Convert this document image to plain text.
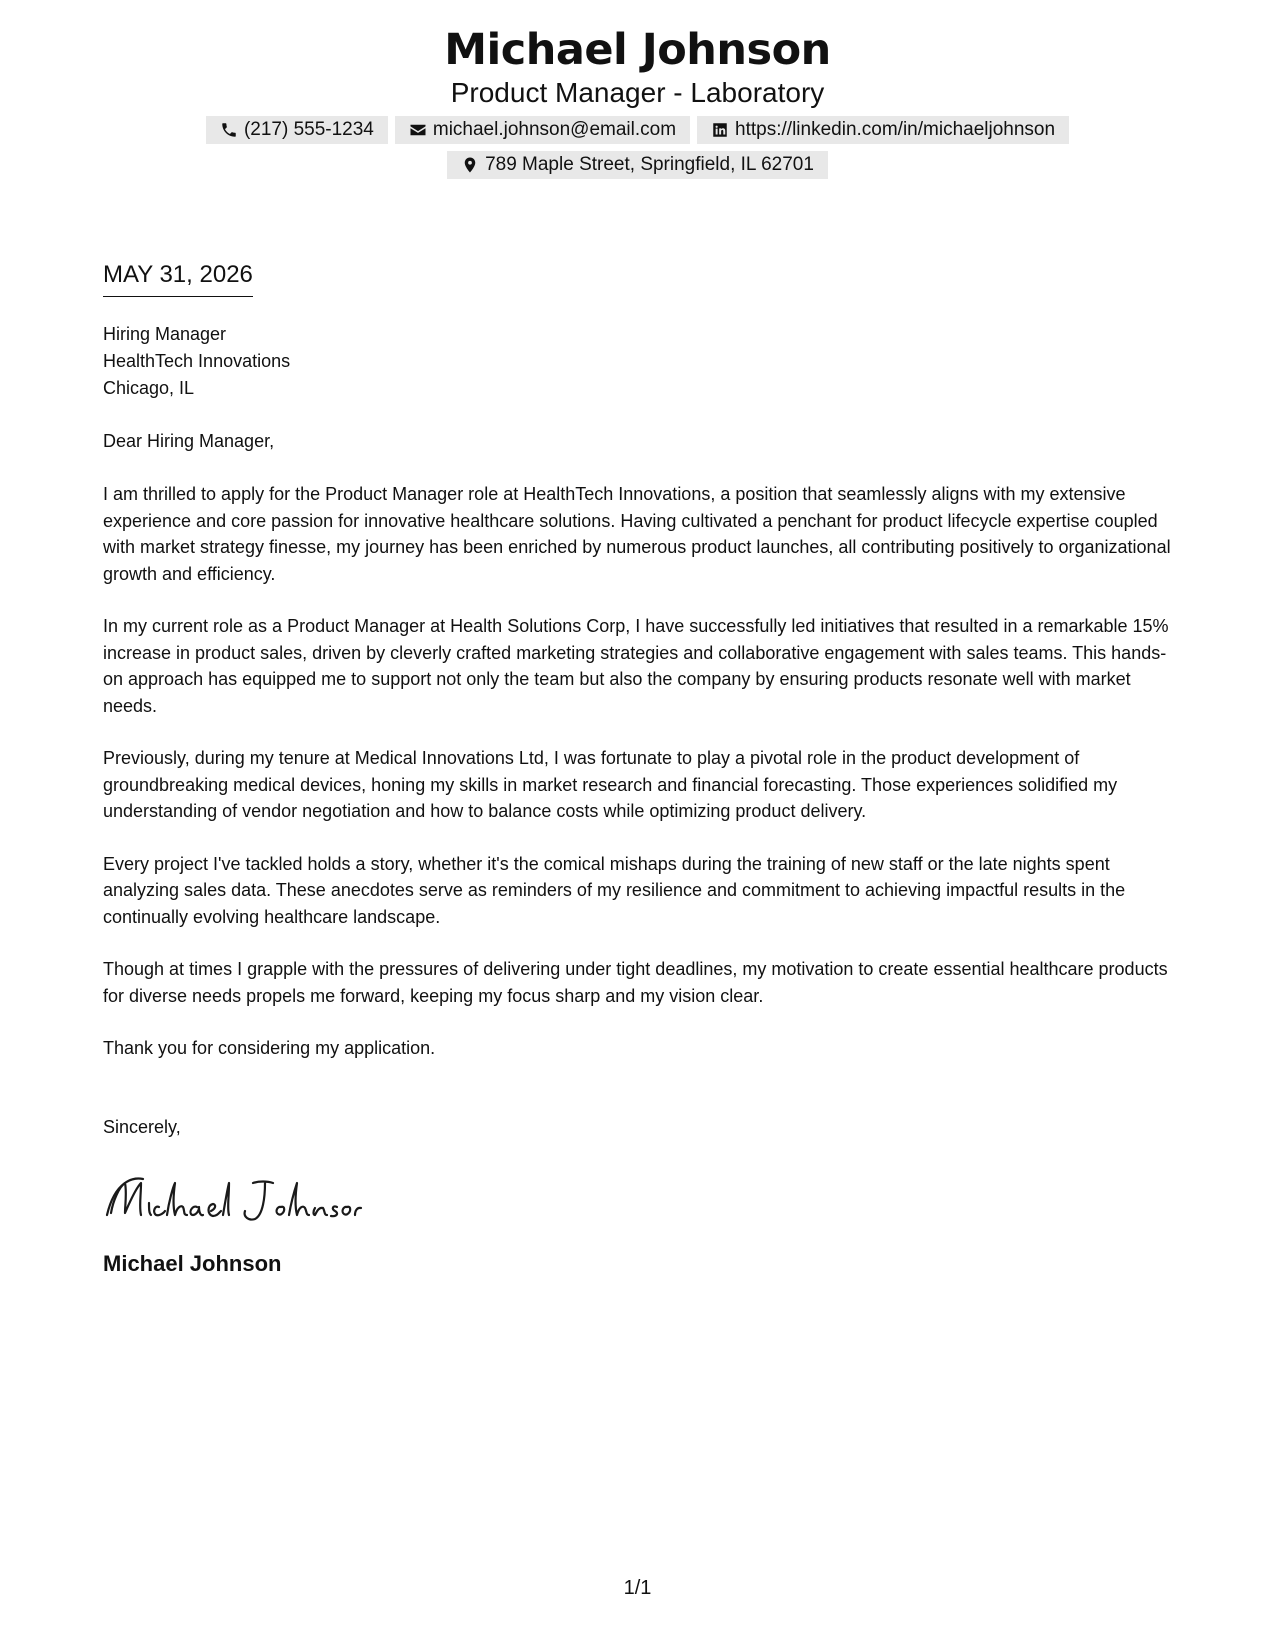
Michael Johnson
Product Manager - Laboratory
(217) 555-1234	michael.johnson@email.com	https://linkedin.com/in/michaeljohnson
789 Maple Street, Springfield, IL 62701
MAY 31, 2026
Hiring Manager
HealthTech Innovations
Chicago, IL
Dear Hiring Manager,

I am thrilled to apply for the Product Manager role at HealthTech Innovations, a position that seamlessly aligns with my extensive experience and core passion for innovative healthcare solutions. Having cultivated a penchant for product lifecycle expertise coupled with market strategy finesse, my journey has been enriched by numerous product launches, all contributing positively to organizational growth and efficiency.

In my current role as a Product Manager at Health Solutions Corp, I have successfully led initiatives that resulted in a remarkable 15% increase in product sales, driven by cleverly crafted marketing strategies and collaborative engagement with sales teams. This hands-on approach has equipped me to support not only the team but also the company by ensuring products resonate well with market needs.

Previously, during my tenure at Medical Innovations Ltd, I was fortunate to play a pivotal role in the product development of groundbreaking medical devices, honing my skills in market research and financial forecasting. Those experiences solidified my understanding of vendor negotiation and how to balance costs while optimizing product delivery.

Every project I've tackled holds a story, whether it's the comical mishaps during the training of new staff or the late nights spent analyzing sales data. These anecdotes serve as reminders of my resilience and commitment to achieving impactful results in the continually evolving healthcare landscape.

Though at times I grapple with the pressures of delivering under tight deadlines, my motivation to create essential healthcare products for diverse needs propels me forward, keeping my focus sharp and my vision clear.

Thank you for considering my application.

Sincerely,
Michael Johnson
1/1
